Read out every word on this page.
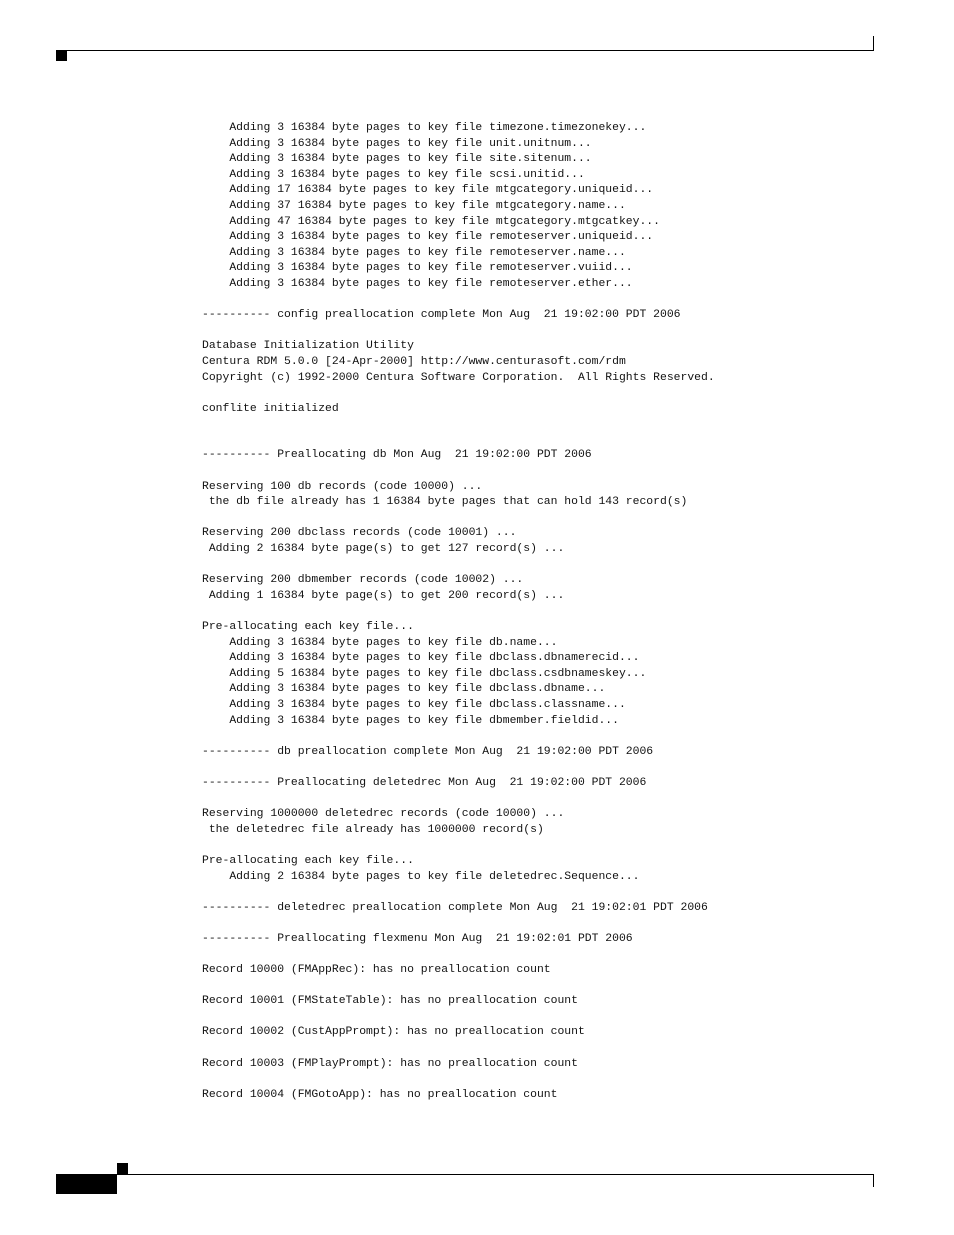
Adding 3 16384 byte pages to key file timezone.timezonekey...
Adding 3 16384 byte pages to key file unit.unitnum...
Adding 3 16384 byte pages to key file site.sitenum...
Adding 3 16384 byte pages to key file scsi.unitid...
Adding 17 16384 byte pages to key file mtgcategory.uniqueid...
Adding 37 16384 byte pages to key file mtgcategory.name...
Adding 47 16384 byte pages to key file mtgcategory.mtgcatkey...
Adding 3 16384 byte pages to key file remoteserver.uniqueid...
Adding 3 16384 byte pages to key file remoteserver.name...
Adding 3 16384 byte pages to key file remoteserver.vuiid...
Adding 3 16384 byte pages to key file remoteserver.ether...
---------- config preallocation complete Mon Aug  21 19:02:00 PDT 2006
Database Initialization Utility
Centura RDM 5.0.0 [24-Apr-2000] http://www.centurasoft.com/rdm
Copyright (c) 1992-2000 Centura Software Corporation.  All Rights Reserved.
conflite initialized
---------- Preallocating db Mon Aug  21 19:02:00 PDT 2006
Reserving 100 db records (code 10000) ...
the db file already has 1 16384 byte pages that can hold 143 record(s)
Reserving 200 dbclass records (code 10001) ...
Adding 2 16384 byte page(s) to get 127 record(s) ...
Reserving 200 dbmember records (code 10002) ...
Adding 1 16384 byte page(s) to get 200 record(s) ...
Pre-allocating each key file...
Adding 3 16384 byte pages to key file db.name...
Adding 3 16384 byte pages to key file dbclass.dbnamerecid...
Adding 5 16384 byte pages to key file dbclass.csdbnameskey...
Adding 3 16384 byte pages to key file dbclass.dbname...
Adding 3 16384 byte pages to key file dbclass.classname...
Adding 3 16384 byte pages to key file dbmember.fieldid...
---------- db preallocation complete Mon Aug  21 19:02:00 PDT 2006
---------- Preallocating deletedrec Mon Aug  21 19:02:00 PDT 2006
Reserving 1000000 deletedrec records (code 10000) ...
the deletedrec file already has 1000000 record(s)
Pre-allocating each key file...
Adding 2 16384 byte pages to key file deletedrec.Sequence...
---------- deletedrec preallocation complete Mon Aug  21 19:02:01 PDT 2006
---------- Preallocating flexmenu Mon Aug  21 19:02:01 PDT 2006
Record 10000 (FMAppRec): has no preallocation count
Record 10001 (FMStateTable): has no preallocation count
Record 10002 (CustAppPrompt): has no preallocation count
Record 10003 (FMPlayPrompt): has no preallocation count
Record 10004 (FMGotoApp): has no preallocation count
